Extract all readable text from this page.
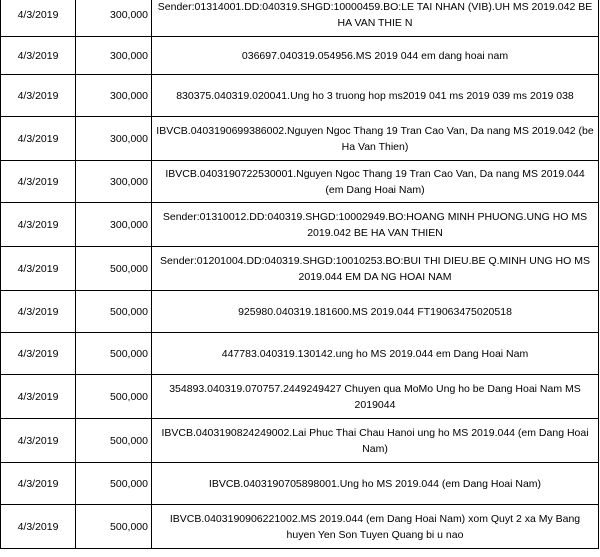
4/3/2019	300,000	Sender:01314001.DD:040319.SHGD:10000459.BO:LE TAI NHAN (VIB).UH MS 2019.042 BE HA VAN THIE N
4/3/2019	300,000	036697.040319.054956.MS 2019 044 em dang hoai nam
4/3/2019	300,000	830375.040319.020041.Ung ho 3 truong hop ms2019 041 ms 2019 039 ms 2019 038
4/3/2019	300,000	IBVCB.0403190699386002.Nguyen Ngoc Thang 19 Tran Cao Van, Da nang MS 2019.042 (be Ha Van Thien)
4/3/2019	300,000	IBVCB.0403190722530001.Nguyen Ngoc Thang 19 Tran Cao Van, Da nang MS 2019.044 (em Dang Hoai Nam)
4/3/2019	300,000	Sender:01310012.DD:040319.SHGD:10002949.BO:HOANG MINH PHUONG.UNG HO MS 2019.042 BE HA VAN THIEN
4/3/2019	500,000	Sender:01201004.DD:040319.SHGD:10010253.BO:BUI THI DIEU.BE Q.MINH UNG HO MS 2019.044 EM DA NG HOAI NAM
4/3/2019	500,000	925980.040319.181600.MS 2019.044 FT19063475020518
4/3/2019	500,000	447783.040319.130142.ung ho MS 2019.044 em Dang Hoai Nam
4/3/2019	500,000	354893.040319.070757.2449249427 Chuyen qua MoMo Ung ho be Dang Hoai Nam MS 2019044
4/3/2019	500,000	IBVCB.0403190824249002.Lai Phuc Thai Chau Hanoi ung ho MS 2019.044 (em Dang Hoai Nam)
4/3/2019	500,000	IBVCB.0403190705898001.Ung ho MS 2019.044 (em Dang Hoai Nam)
4/3/2019	500,000	IBVCB.0403190906221002.MS 2019.044 (em Dang Hoai Nam) xom Quyt 2 xa My Bang huyen Yen Son Tuyen Quang bi u nao
